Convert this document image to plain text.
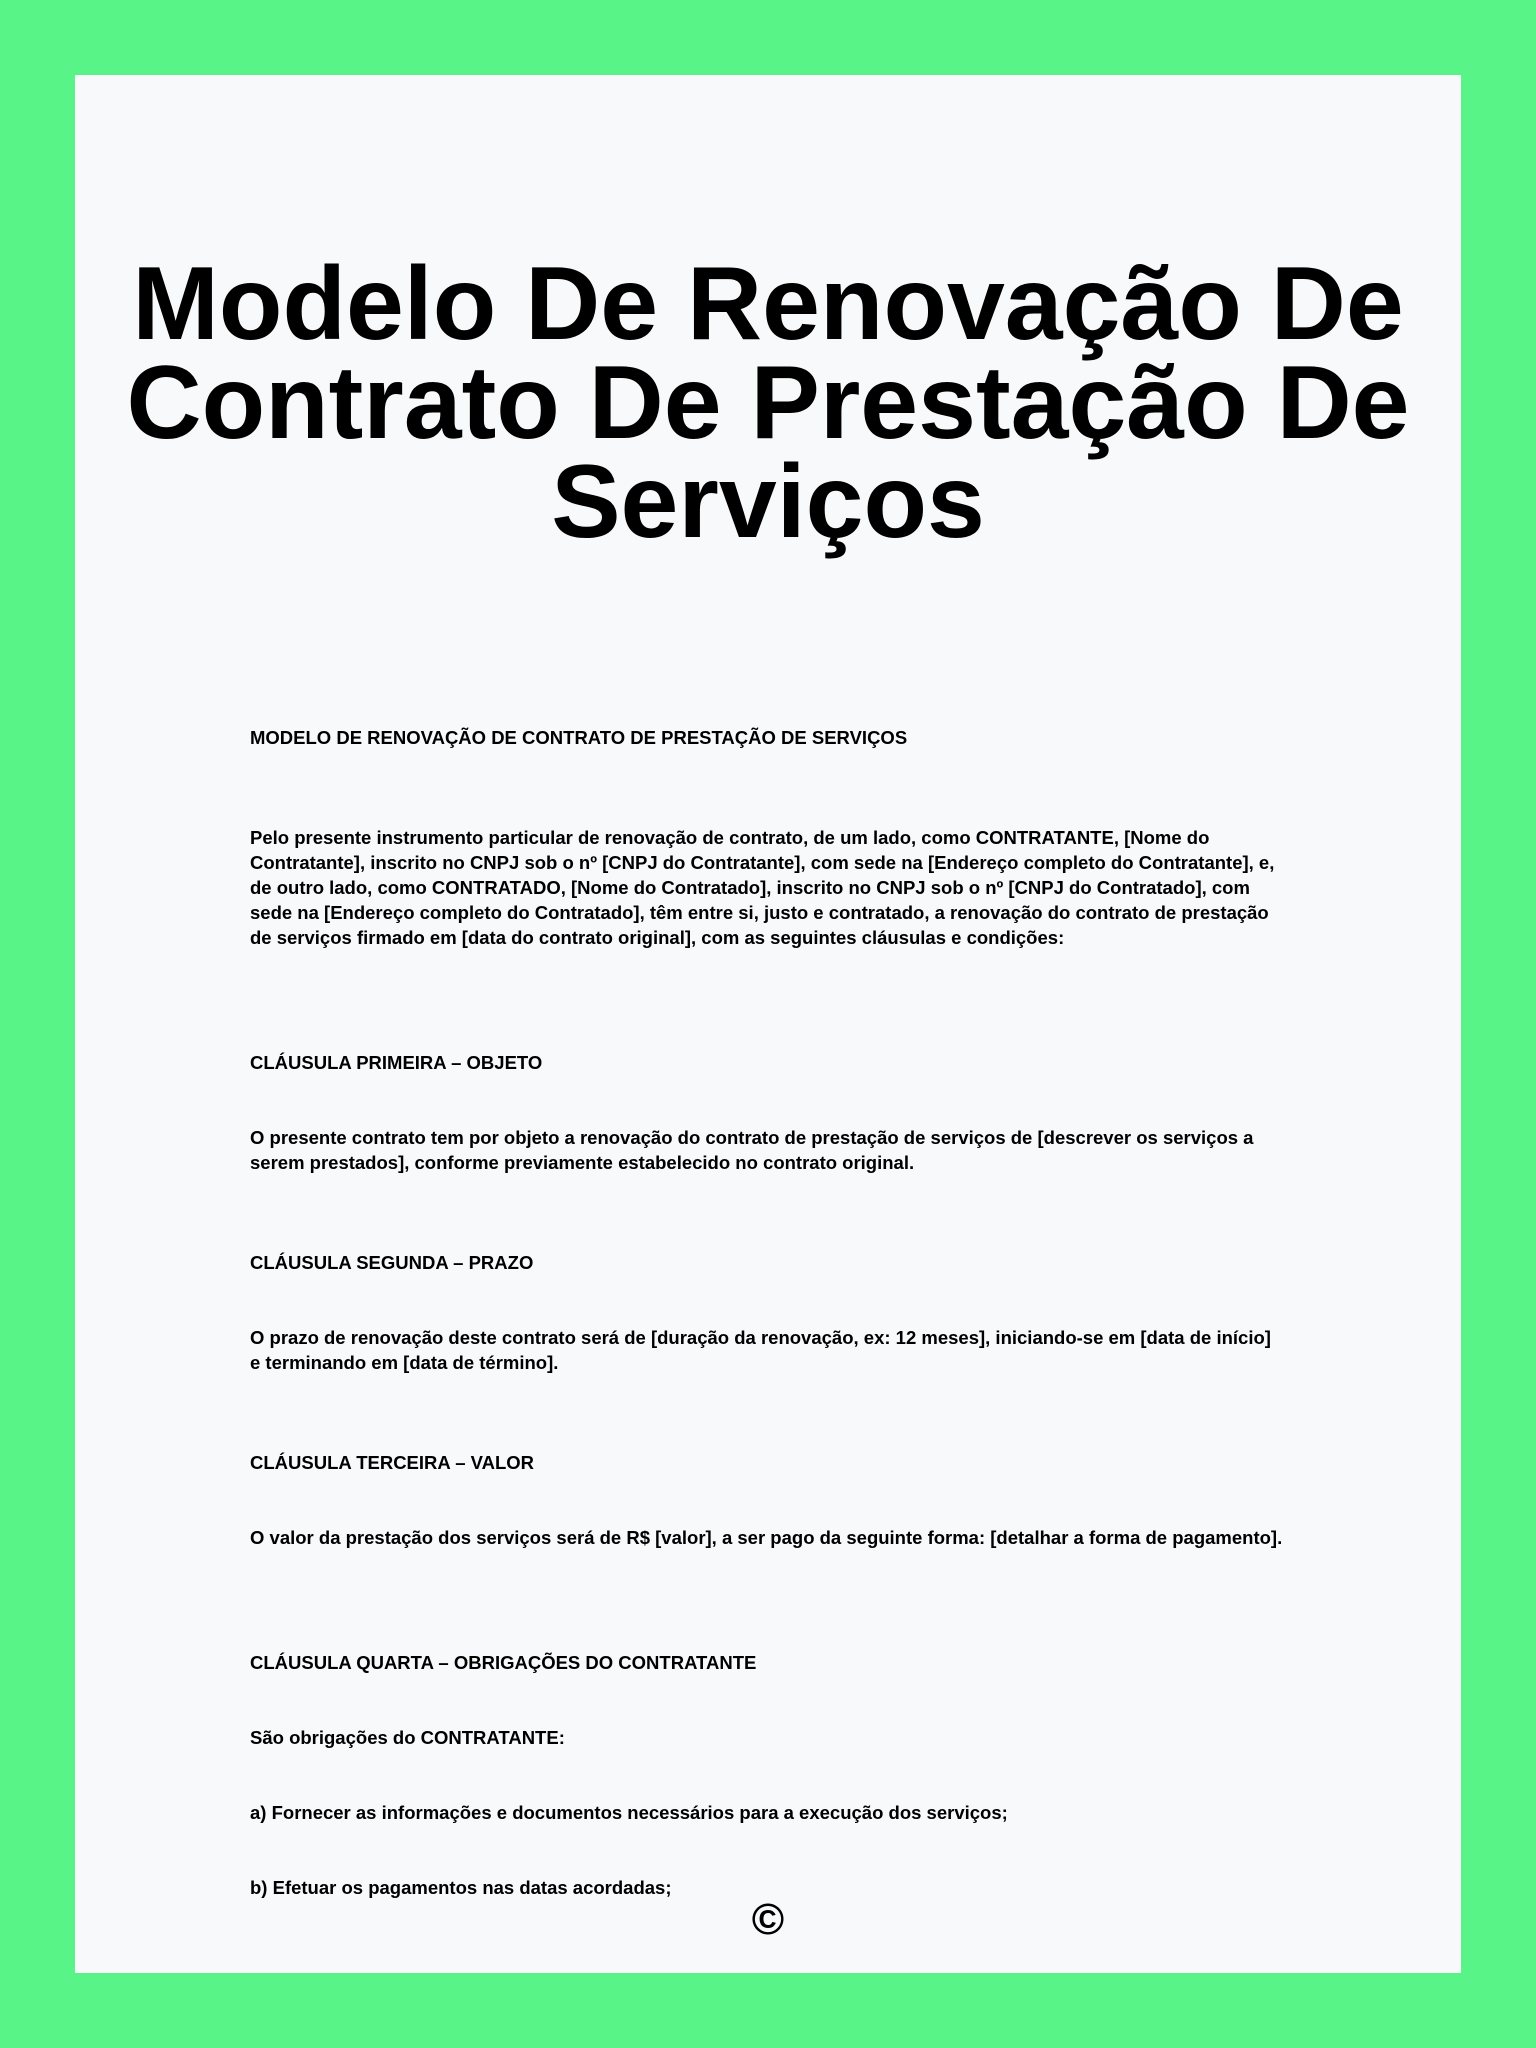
Modelo De Renovação De Contrato De Prestação De Serviços

MODELO DE RENOVAÇÃO DE CONTRATO DE PRESTAÇÃO DE SERVIÇOS

Pelo presente instrumento particular de renovação de contrato, de um lado, como CONTRATANTE, [Nome do Contratante], inscrito no CNPJ sob o nº [CNPJ do Contratante], com sede na [Endereço completo do Contratante], e, de outro lado, como CONTRATADO, [Nome do Contratado], inscrito no CNPJ sob o nº [CNPJ do Contratado], com sede na [Endereço completo do Contratado], têm entre si, justo e contratado, a renovação do contrato de prestação de serviços firmado em [data do contrato original], com as seguintes cláusulas e condições:

CLÁUSULA PRIMEIRA – OBJETO

O presente contrato tem por objeto a renovação do contrato de prestação de serviços de [descrever os serviços a serem prestados], conforme previamente estabelecido no contrato original.

CLÁUSULA SEGUNDA – PRAZO

O prazo de renovação deste contrato será de [duração da renovação, ex: 12 meses], iniciando-se em [data de início] e terminando em [data de término].

CLÁUSULA TERCEIRA – VALOR

O valor da prestação dos serviços será de R$ [valor], a ser pago da seguinte forma: [detalhar a forma de pagamento].

CLÁUSULA QUARTA – OBRIGAÇÕES DO CONTRATANTE

São obrigações do CONTRATANTE:

a) Fornecer as informações e documentos necessários para a execução dos serviços;

b) Efetuar os pagamentos nas datas acordadas;

©
